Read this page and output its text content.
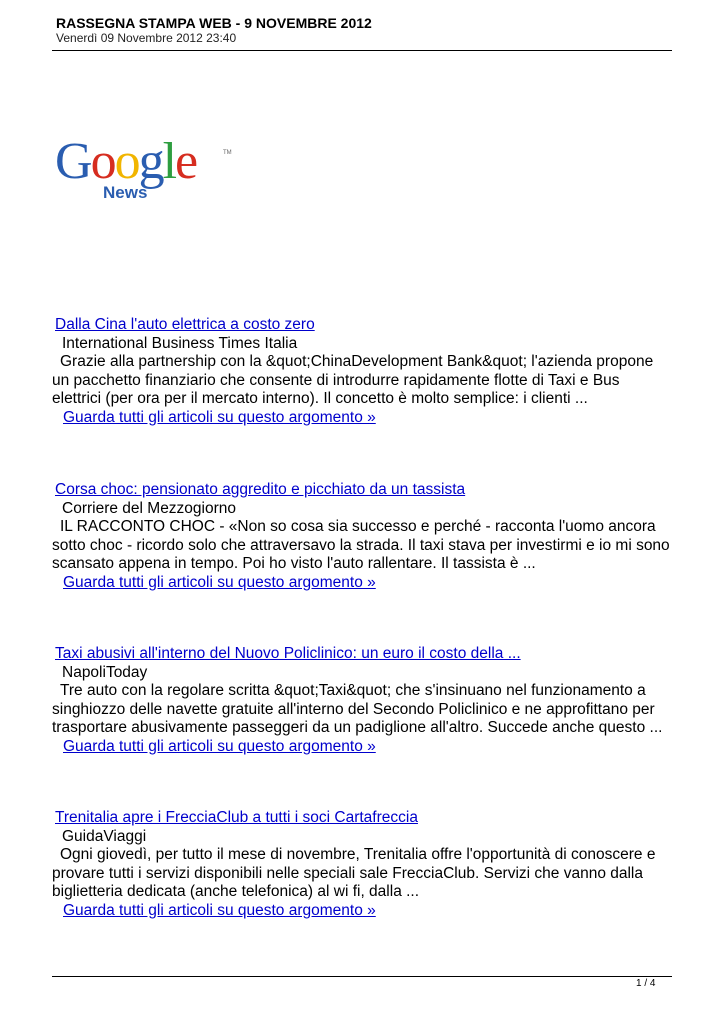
RASSEGNA STAMPA WEB - 9 NOVEMBRE 2012
Venerdì 09 Novembre 2012 23:40
Google	TM
News
Dalla Cina l'auto elettrica a costo zero
International Business Times Italia
Grazie alla partnership con la &quot;ChinaDevelopment Bank&quot; l'azienda propone un pacchetto finanziario che consente di introdurre rapidamente flotte di Taxi e Bus elettrici (per ora per il mercato interno). Il concetto è molto semplice: i clienti ...
Guarda tutti gli articoli su questo argomento »
Corsa choc: pensionato aggredito e picchiato da un tassista
Corriere del Mezzogiorno
IL RACCONTO CHOC - «Non so cosa sia successo e perché - racconta l'uomo ancora sotto choc - ricordo solo che attraversavo la strada. Il taxi stava per investirmi e io mi sono scansato appena in tempo. Poi ho visto l'auto rallentare. Il tassista è ...
Guarda tutti gli articoli su questo argomento »
Taxi abusivi all'interno del Nuovo Policlinico: un euro il costo della ...
NapoliToday
Tre auto con la regolare scritta &quot;Taxi&quot; che s'insinuano nel funzionamento a singhiozzo delle navette gratuite all'interno del Secondo Policlinico e ne approfittano per trasportare abusivamente passeggeri da un padiglione all'altro. Succede anche questo ...
Guarda tutti gli articoli su questo argomento »
Trenitalia apre i FrecciaClub a tutti i soci Cartafreccia
GuidaViaggi
Ogni giovedì, per tutto il mese di novembre, Trenitalia offre l'opportunità di conoscere e provare tutti i servizi disponibili nelle speciali sale FrecciaClub. Servizi che vanno dalla biglietteria dedicata (anche telefonica) al wi fi, dalla ...
Guarda tutti gli articoli su questo argomento »
1 / 4
